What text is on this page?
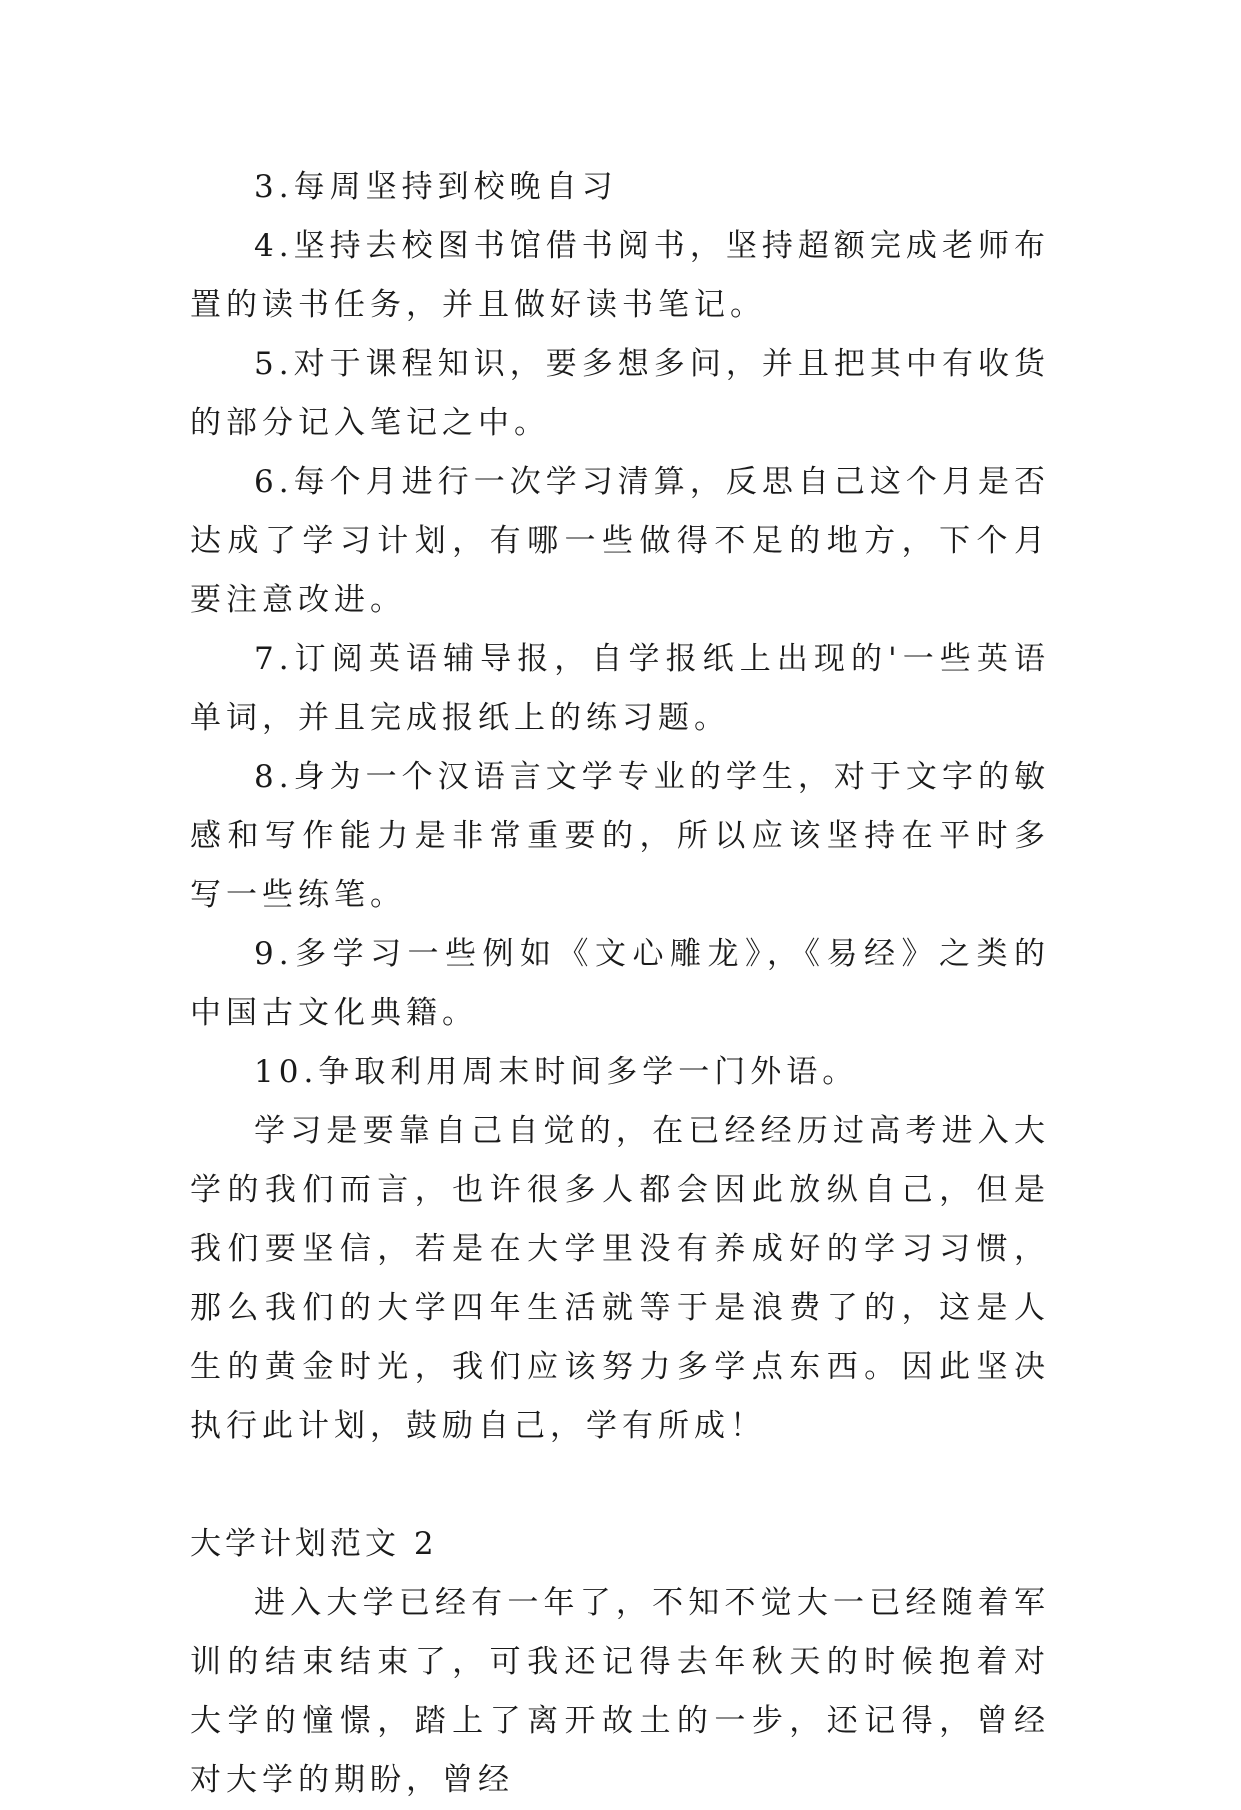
3.每周坚持到校晚自习

4.坚持去校图书馆借书阅书，坚持超额完成老师布置的读书任务，并且做好读书笔记。

5.对于课程知识，要多想多问，并且把其中有收货的部分记入笔记之中。

6.每个月进行一次学习清算，反思自己这个月是否达成了学习计划，有哪一些做得不足的地方，下个月要注意改进。

7.订阅英语辅导报，自学报纸上出现的'一些英语单词，并且完成报纸上的练习题。

8.身为一个汉语言文学专业的学生，对于文字的敏感和写作能力是非常重要的，所以应该坚持在平时多写一些练笔。

9.多学习一些例如《文心雕龙》，《易经》之类的中国古文化典籍。

10.争取利用周末时间多学一门外语。

学习是要靠自己自觉的，在已经经历过高考进入大学的我们而言，也许很多人都会因此放纵自己，但是我们要坚信，若是在大学里没有养成好的学习习惯，那么我们的大学四年生活就等于是浪费了的，这是人生的黄金时光，我们应该努力多学点东西。因此坚决执行此计划，鼓励自己，学有所成！

大学计划范文 2

进入大学已经有一年了，不知不觉大一已经随着军训的结束结束了，可我还记得去年秋天的时候抱着对大学的憧憬，踏上了离开故土的一步，还记得，曾经对大学的期盼，曾经
